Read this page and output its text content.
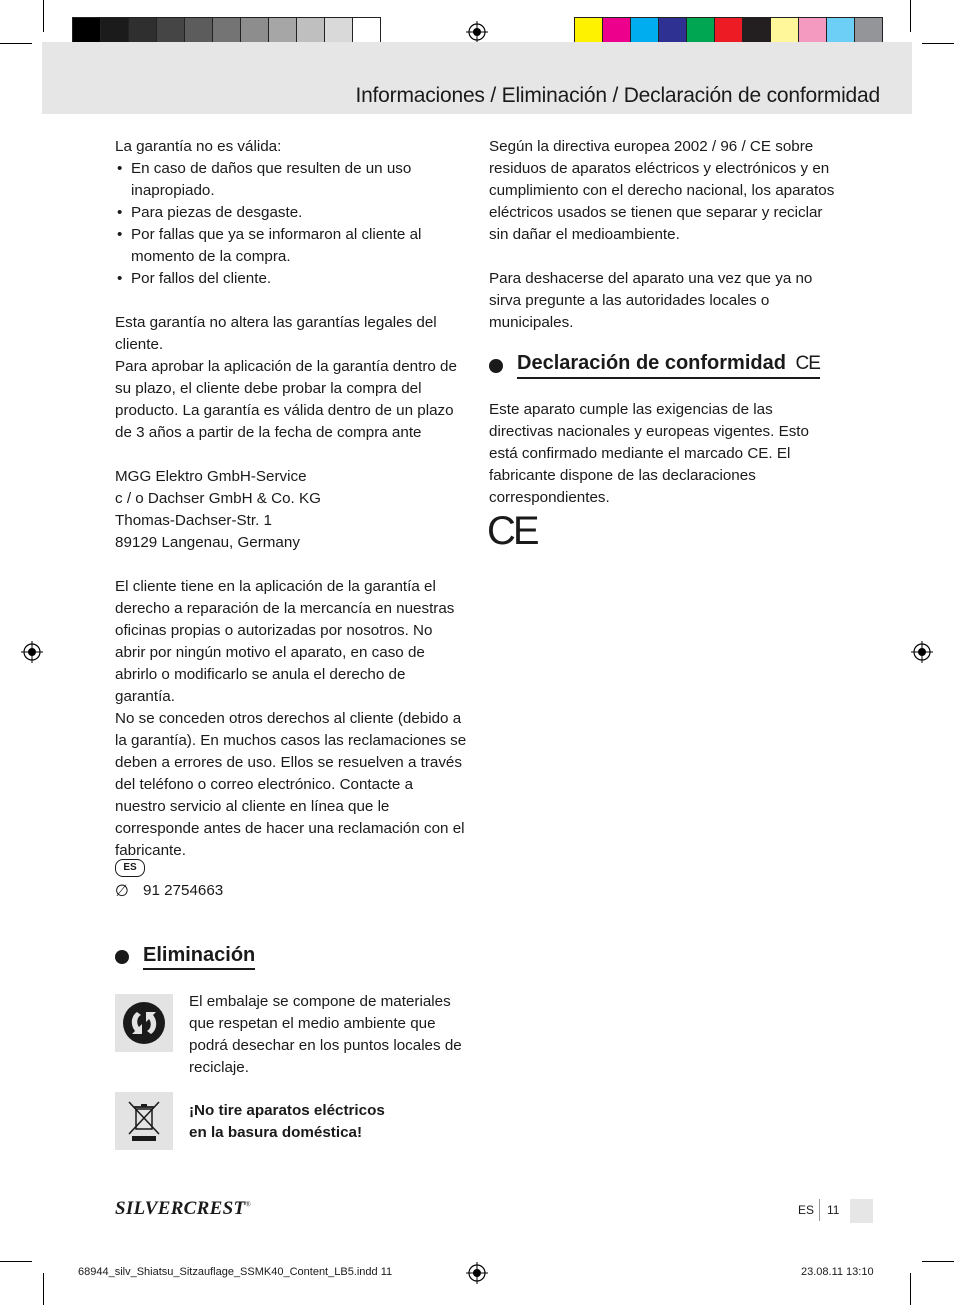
Informaciones / Eliminación / Declaración de conformidad

La garantía no es válida:

• En caso de daños que resulten de un uso inapropiado.
• Para piezas de desgaste.
• Por fallas que ya se informaron al cliente al momento de la compra.
• Por fallos del cliente.

Esta garantía no altera las garantías legales del cliente.

Para aprobar la aplicación de la garantía dentro de su plazo, el cliente debe probar la compra del producto. La garantía es válida dentro de un plazo de 3 años a partir de la fecha de compra ante

MGG Elektro GmbH-Service

c / o Dachser GmbH & Co. KG

Thomas-Dachser-Str. 1

89129 Langenau, Germany

El cliente tiene en la aplicación de la garantía el derecho a reparación de la mercancía en nuestras oficinas propias o autorizadas por nosotros. No abrir por ningún motivo el aparato, en caso de abrirlo o modificarlo se anula el derecho de garantía.

No se conceden otros derechos al cliente (debido a la garantía). En muchos casos las reclamaciones se deben a errores de uso. Ellos se resuelven a través del teléfono o correo electrónico. Contacte a nuestro servicio al cliente en línea que le corresponde antes de hacer una reclamación con el fabricante.

ES
∅ 91 2754663
Eliminación
El embalaje se compone de materiales que respetan el medio ambiente que podrá desechar en los puntos locales de reciclaje.

¡No tire aparatos eléctricos

en la basura doméstica!

Según la directiva europea 2002 / 96 / CE sobre residuos de aparatos eléctricos y electrónicos y en cumplimiento con el derecho nacional, los aparatos eléctricos usados se tienen que separar y reciclar sin dañar el medioambiente.

Para deshacerse del aparato una vez que ya no sirva pregunte a las autoridades locales o municipales.

Declaración de conformidad CE
Este aparato cumple las exigencias de las directivas nacionales y europeas vigentes. Esto está confirmado mediante el marcado CE. El fabricante dispone de las declaraciones correspondientes.
CE
SILVERCREST®	ES 11
68944_silv_Shiatsu_Sitzauflage_SSMK40_Content_LB5.indd 11	23.08.11 13:10
